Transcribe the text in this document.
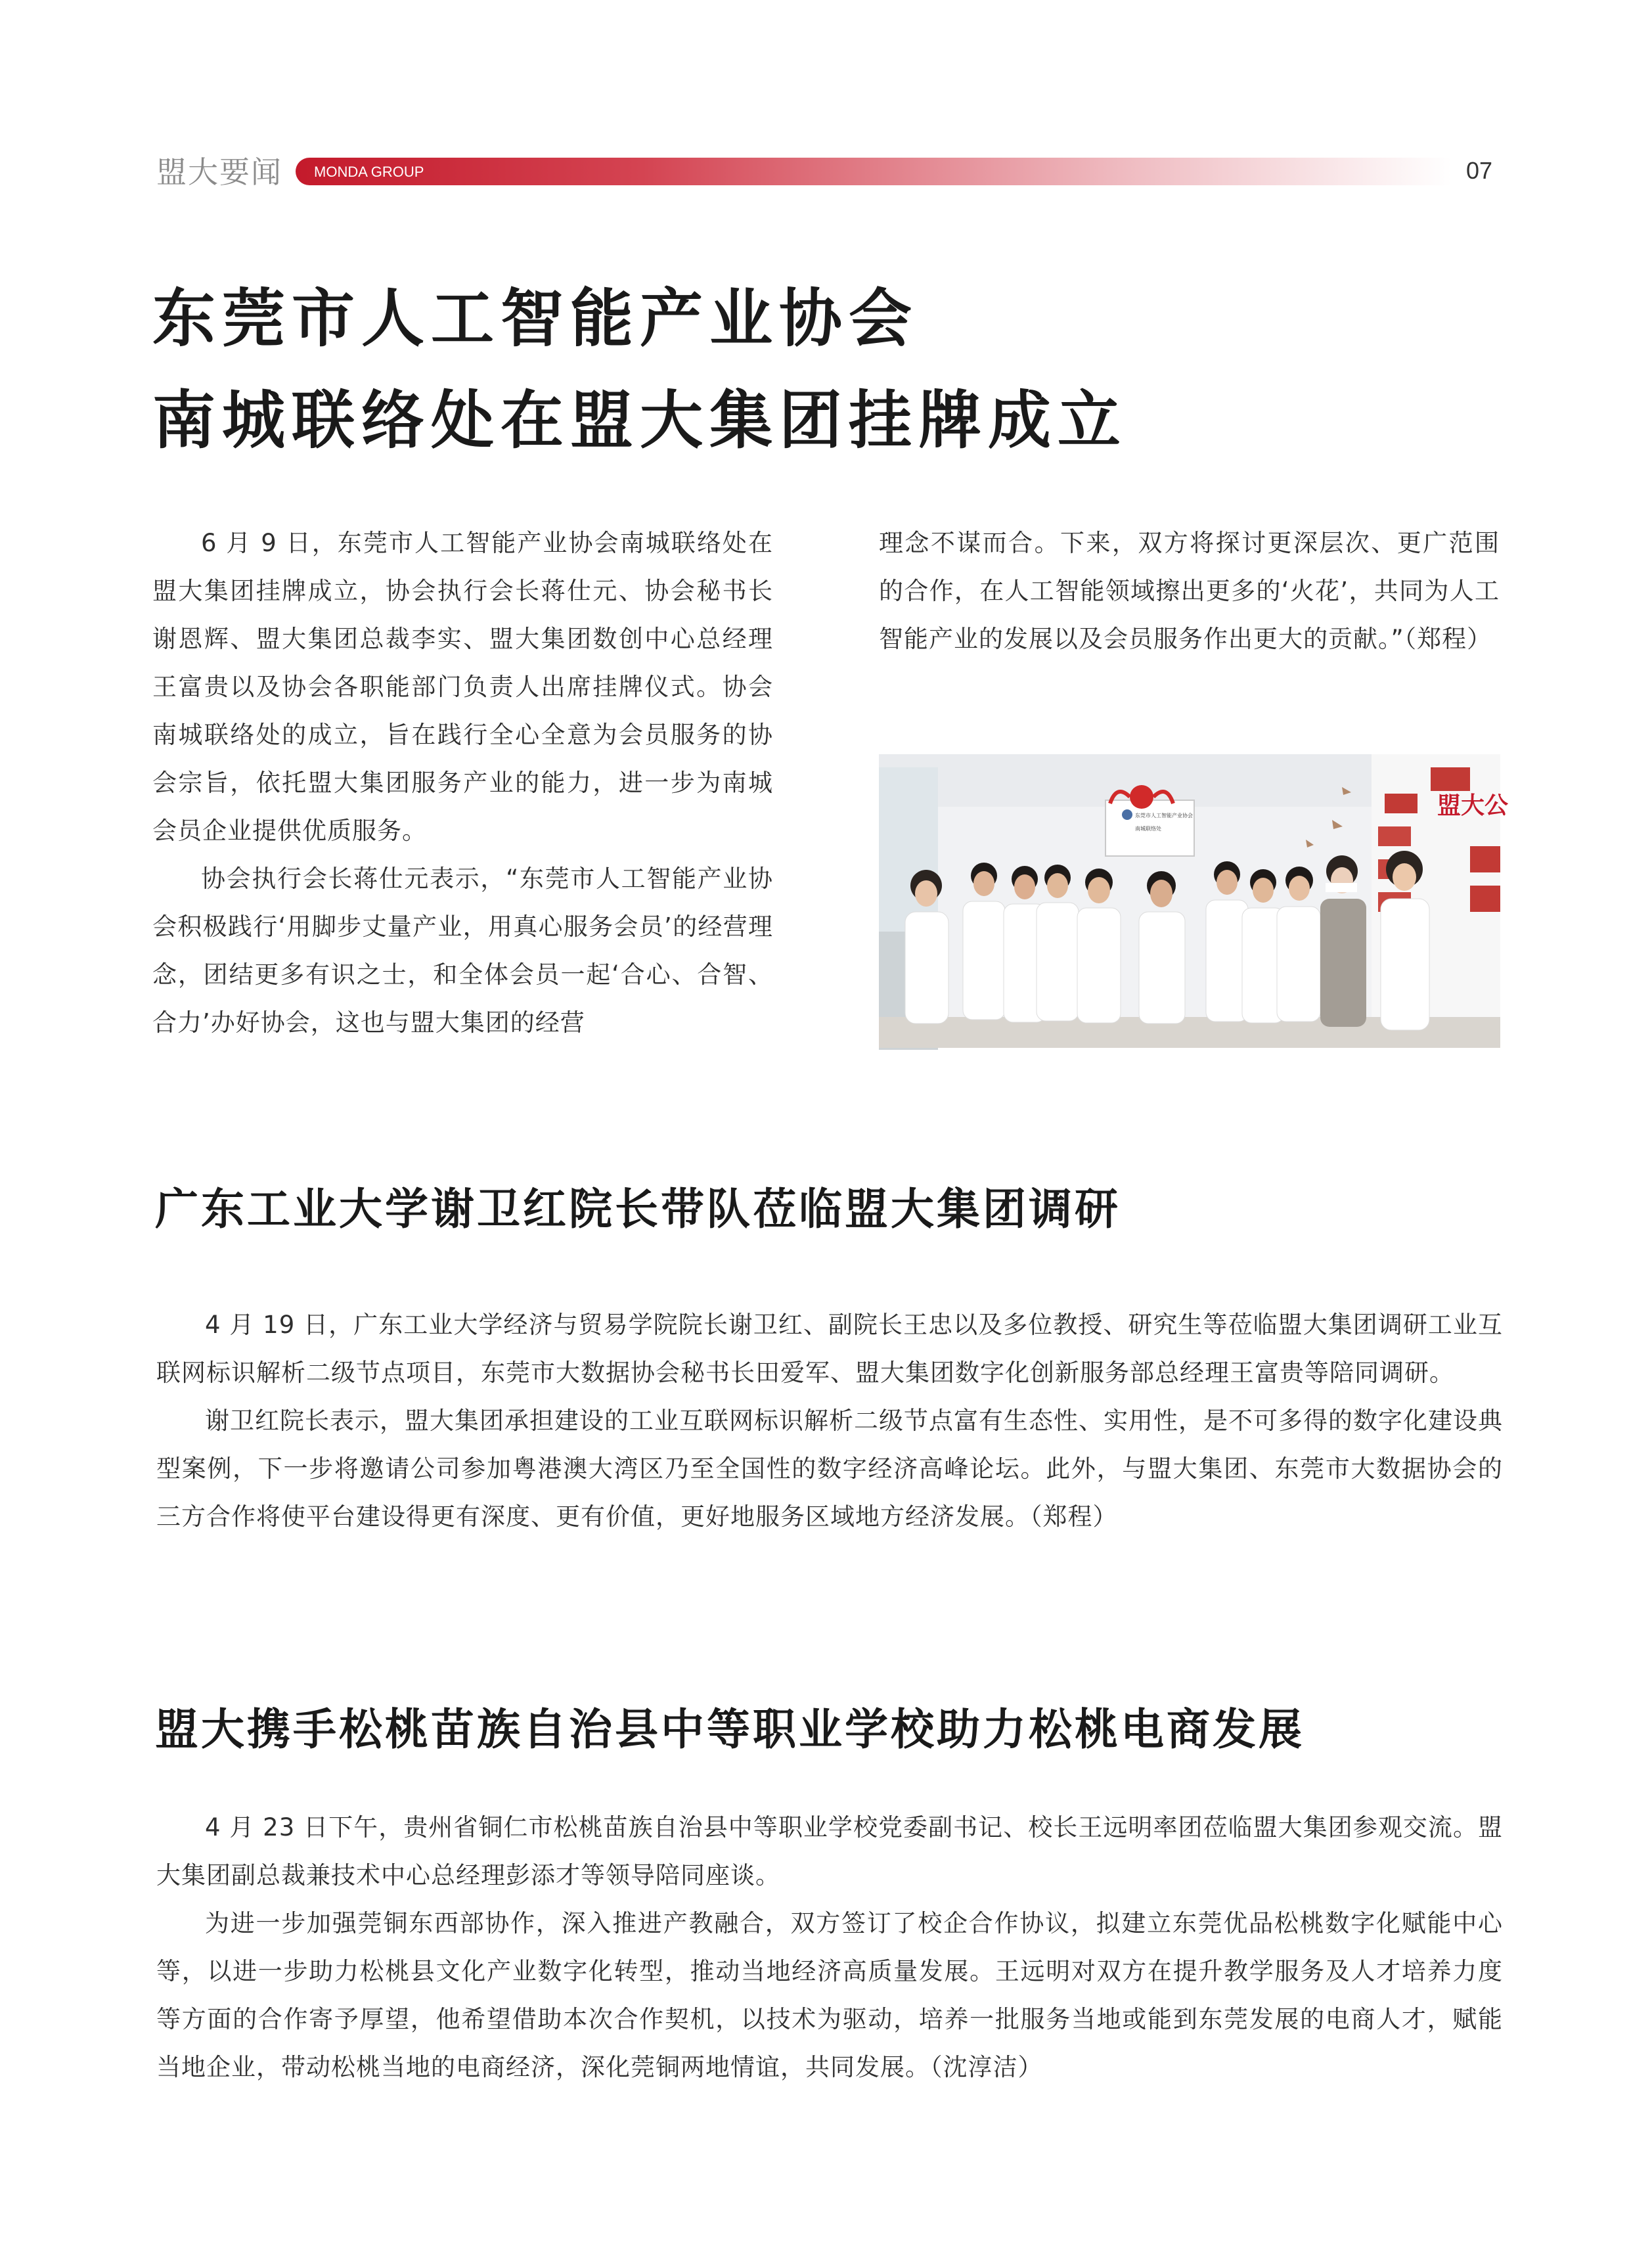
盟大要闻 MONDA GROUP	07
东莞市人工智能产业协会
南城联络处在盟大集团挂牌成立

6 月 9 日，东莞市人工智能产业协会南城联络处在盟大集团挂牌成立，协会执行会长蒋仕元、协会秘书长谢恩辉、盟大集团总裁李实、盟大集团数创中心总经理王富贵以及协会各职能部门负责人出席挂牌仪式。协会南城联络处的成立，旨在践行全心全意为会员服务的协会宗旨，依托盟大集团服务产业的能力，进一步为南城会员企业提供优质服务。

协会执行会长蒋仕元表示，“东莞市人工智能产业协会积极践行‘用脚步丈量产业，用真心服务会员’的经营理念，团结更多有识之士，和全体会员一起‘合心、合智、合力’办好协会，这也与盟大集团的经营

理念不谋而合。下来，双方将探讨更深层次、更广范围的合作，在人工智能领域擦出更多的‘火花’，共同为人工智能产业的发展以及会员服务作出更大的贡献。”（郑程）

盟大公
东莞市人工智能产业协会
南城联络处
广东工业大学谢卫红院长带队莅临盟大集团调研

4 月 19 日，广东工业大学经济与贸易学院院长谢卫红、副院长王忠以及多位教授、研究生等莅临盟大集团调研工业互联网标识解析二级节点项目，东莞市大数据协会秘书长田爱军、盟大集团数字化创新服务部总经理王富贵等陪同调研。

谢卫红院长表示，盟大集团承担建设的工业互联网标识解析二级节点富有生态性、实用性，是不可多得的数字化建设典型案例，下一步将邀请公司参加粤港澳大湾区乃至全国性的数字经济高峰论坛。此外，与盟大集团、东莞市大数据协会的三方合作将使平台建设得更有深度、更有价值，更好地服务区域地方经济发展。（郑程）

盟大携手松桃苗族自治县中等职业学校助力松桃电商发展

4 月 23 日下午，贵州省铜仁市松桃苗族自治县中等职业学校党委副书记、校长王远明率团莅临盟大集团参观交流。盟大集团副总裁兼技术中心总经理彭添才等领导陪同座谈。

为进一步加强莞铜东西部协作，深入推进产教融合，双方签订了校企合作协议，拟建立东莞优品松桃数字化赋能中心等，以进一步助力松桃县文化产业数字化转型，推动当地经济高质量发展。王远明对双方在提升教学服务及人才培养力度等方面的合作寄予厚望，他希望借助本次合作契机，以技术为驱动，培养一批服务当地或能到东莞发展的电商人才，赋能当地企业，带动松桃当地的电商经济，深化莞铜两地情谊，共同发展。（沈淳洁）
